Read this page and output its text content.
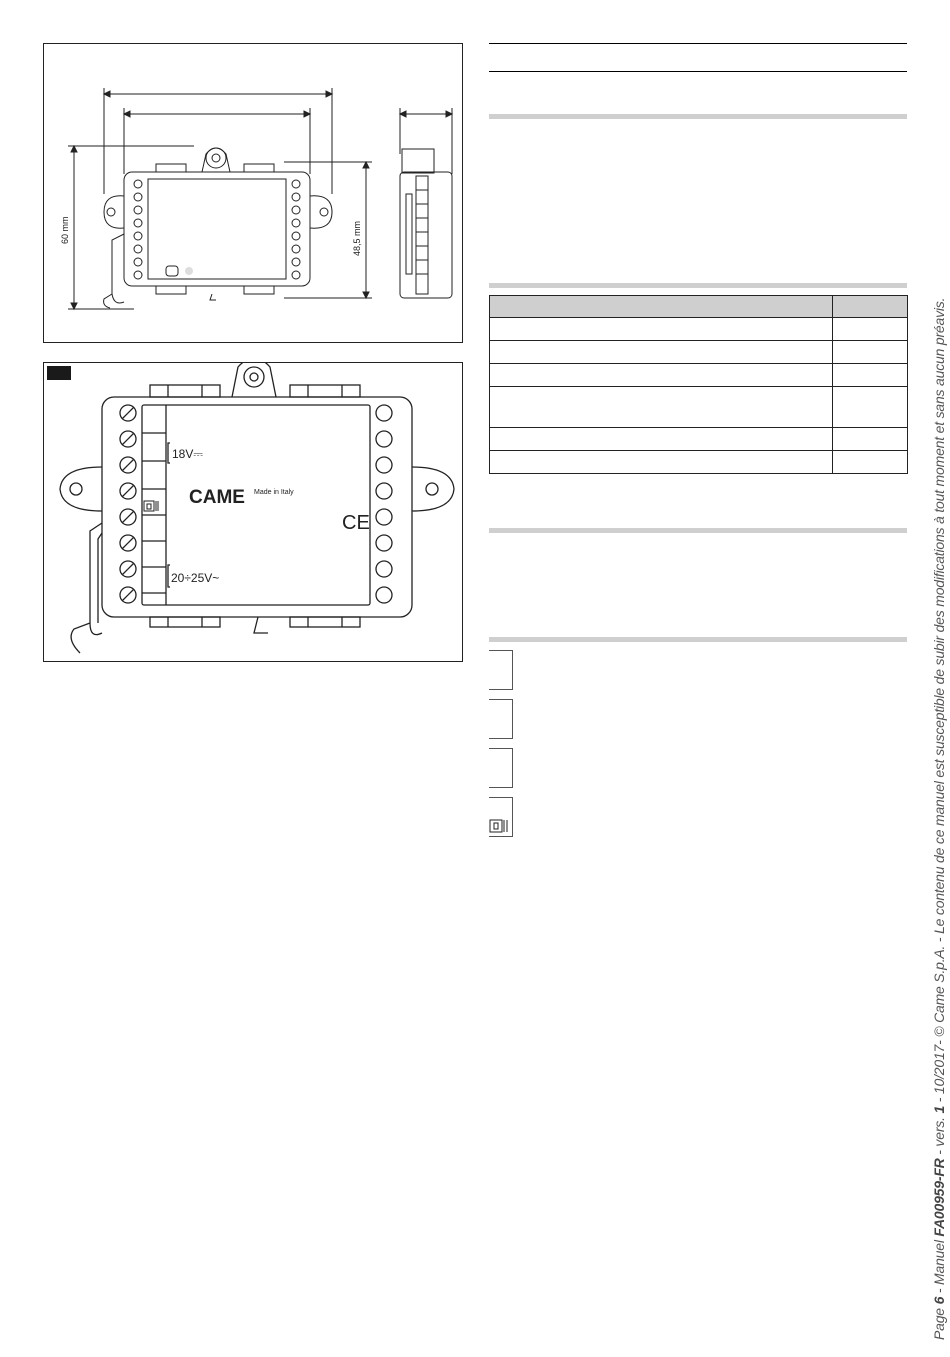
60 mm	48,5 mm
18V⎓
20÷25V~
CAME Made in Italy
CE

Page 6 - Manuel FA00959-FR - vers. 1 - 10/2017- © Came S.p.A. - Le contenu de ce manuel est susceptible de subir des modifications à tout moment et sans aucun préavis.
